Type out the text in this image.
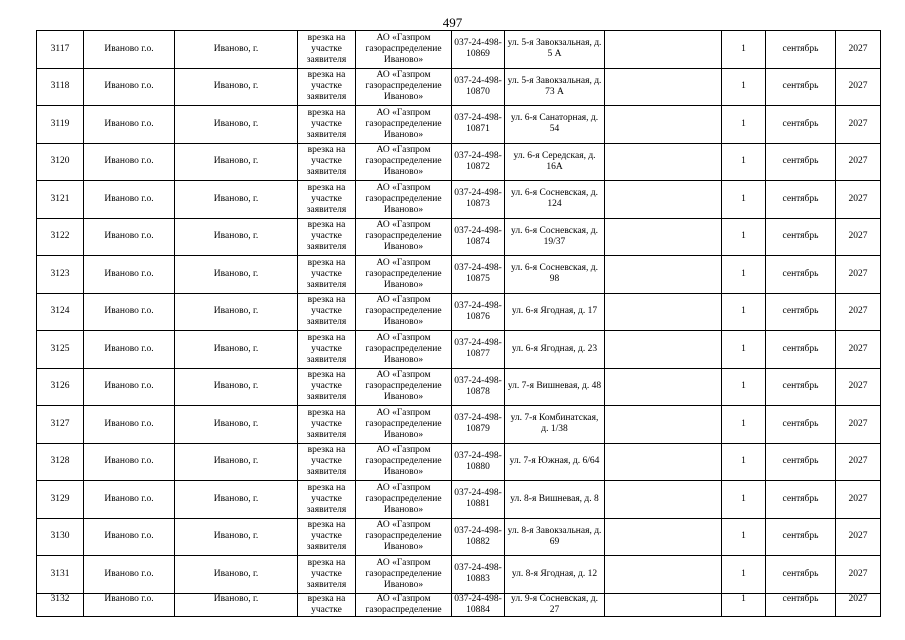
497
3117	Иваново г.о.	Иваново, г.	врезка на участке заявителя	АО «Газпром газораспределение Иваново»	037-24-498-10869	ул. 5-я Завокзальная, д. 5 А		1	сентябрь	2027
3118	Иваново г.о.	Иваново, г.	врезка на участке заявителя	АО «Газпром газораспределение Иваново»	037-24-498-10870	ул. 5-я Завокзальная, д. 73 А		1	сентябрь	2027
3119	Иваново г.о.	Иваново, г.	врезка на участке заявителя	АО «Газпром газораспределение Иваново»	037-24-498-10871	ул. 6-я Санаторная, д. 54		1	сентябрь	2027
3120	Иваново г.о.	Иваново, г.	врезка на участке заявителя	АО «Газпром газораспределение Иваново»	037-24-498-10872	ул. 6-я Середская, д. 16А		1	сентябрь	2027
3121	Иваново г.о.	Иваново, г.	врезка на участке заявителя	АО «Газпром газораспределение Иваново»	037-24-498-10873	ул. 6-я Сосневская, д. 124		1	сентябрь	2027
3122	Иваново г.о.	Иваново, г.	врезка на участке заявителя	АО «Газпром газораспределение Иваново»	037-24-498-10874	ул. 6-я Сосневская, д. 19/37		1	сентябрь	2027
3123	Иваново г.о.	Иваново, г.	врезка на участке заявителя	АО «Газпром газораспределение Иваново»	037-24-498-10875	ул. 6-я Сосневская, д. 98		1	сентябрь	2027
3124	Иваново г.о.	Иваново, г.	врезка на участке заявителя	АО «Газпром газораспределение Иваново»	037-24-498-10876	ул. 6-я Ягодная, д. 17		1	сентябрь	2027
3125	Иваново г.о.	Иваново, г.	врезка на участке заявителя	АО «Газпром газораспределение Иваново»	037-24-498-10877	ул. 6-я Ягодная, д. 23		1	сентябрь	2027
3126	Иваново г.о.	Иваново, г.	врезка на участке заявителя	АО «Газпром газораспределение Иваново»	037-24-498-10878	ул. 7-я Вишневая, д. 48		1	сентябрь	2027
3127	Иваново г.о.	Иваново, г.	врезка на участке заявителя	АО «Газпром газораспределение Иваново»	037-24-498-10879	ул. 7-я Комбинатская, д. 1/38		1	сентябрь	2027
3128	Иваново г.о.	Иваново, г.	врезка на участке заявителя	АО «Газпром газораспределение Иваново»	037-24-498-10880	ул. 7-я Южная, д. 6/64		1	сентябрь	2027
3129	Иваново г.о.	Иваново, г.	врезка на участке заявителя	АО «Газпром газораспределение Иваново»	037-24-498-10881	ул. 8-я Вишневая, д. 8		1	сентябрь	2027
3130	Иваново г.о.	Иваново, г.	врезка на участке заявителя	АО «Газпром газораспределение Иваново»	037-24-498-10882	ул. 8-я Завокзальная, д. 69		1	сентябрь	2027
3131	Иваново г.о.	Иваново, г.	врезка на участке заявителя	АО «Газпром газораспределение Иваново»	037-24-498-10883	ул. 8-я Ягодная, д. 12		1	сентябрь	2027
3132	Иваново г.о.	Иваново, г.	врезка на участке	АО «Газпром газораспределение	037-24-498-10884	ул. 9-я Сосневская, д. 27		1	сентябрь	2027
